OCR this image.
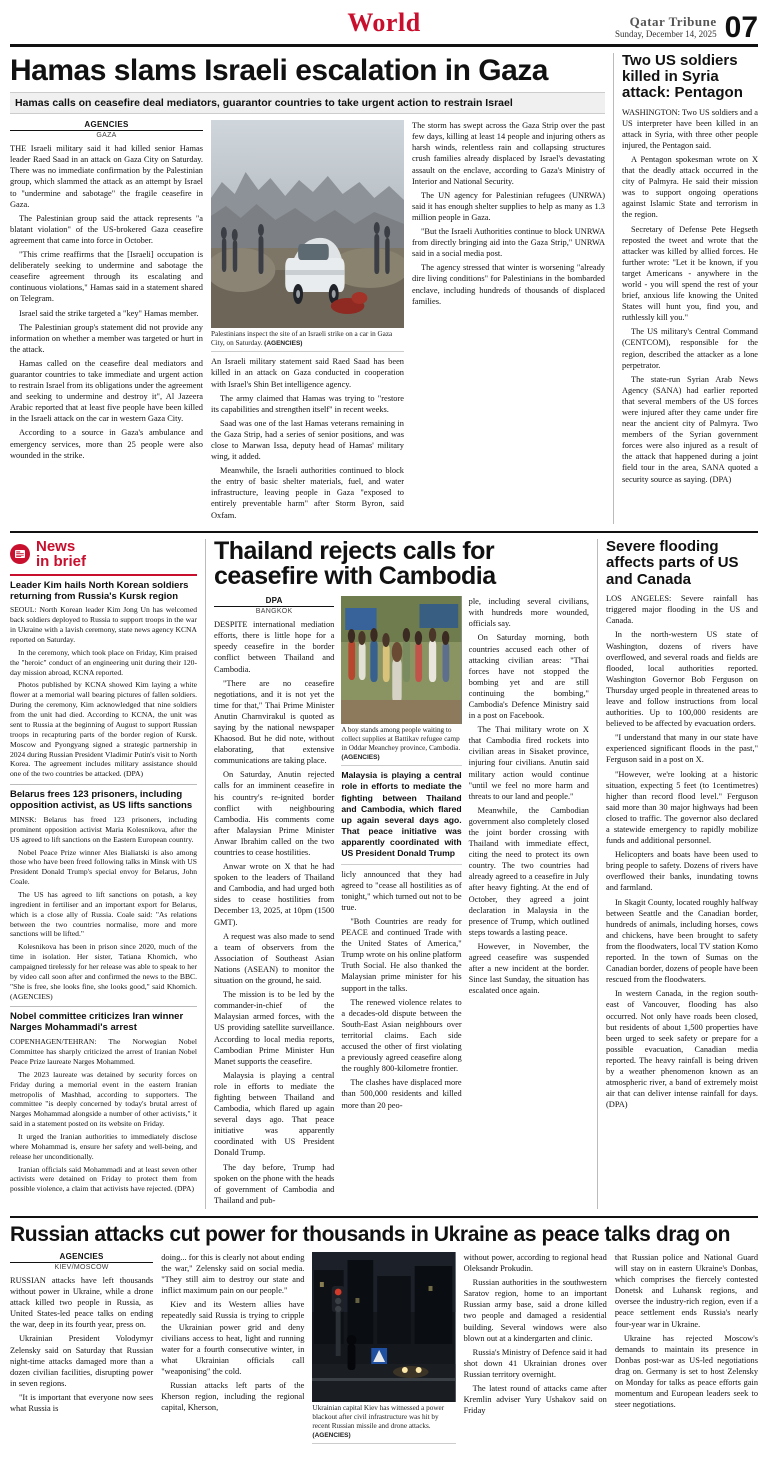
World	Qatar Tribune
Sunday, December 14, 2025 07
Hamas slams Israeli escalation in Gaza
Hamas calls on ceasefire deal mediators, guarantor countries to take urgent action to restrain Israel
AGENCIES
GAZA

THE Israeli military said it had killed senior Hamas leader Raed Saad in an attack on Gaza City on Saturday. There was no immediate confirmation by the Palestinian group, which slammed the attack as an attempt by Israel to "undermine and sabotage" the fragile ceasefire in Gaza.

The Palestinian group said the attack represents "a blatant violation" of the US-brokered Gaza ceasefire agreement that came into force in October.

"This crime reaffirms that the [Israeli] occupation is deliberately seeking to undermine and sabotage the ceasefire agreement through its escalating and continuous violations," Hamas said in a statement shared on Telegram.

Israel said the strike targeted a "key" Hamas member.

The Palestinian group's statement did not provide any information on whether a member was targeted or hurt in the attack.

Hamas called on the ceasefire deal mediators and guarantor countries to take immediate and urgent action to restrain Israel from its obligations under the agreement and seeking to undermine and destroy it", Al Jazeera Arabic reported that at least five people have been killed in the Israeli attack on the car in western Gaza City.

According to a source in Gaza's ambulance and emergency services, more than 25 people were also wounded in the strike.

Palestinians inspect the site of an Israeli strike on a car in Gaza City, on Saturday. (AGENCIES)

An Israeli military statement said Raed Saad has been killed in an attack on Gaza conducted in cooperation with Israel's Shin Bet intelligence agency.

The army claimed that Hamas was trying to "restore its capabilities and strengthen itself" in recent weeks.

Saad was one of the last Hamas veterans remaining in the Gaza Strip, had a series of senior positions, and was close to Marwan Issa, deputy head of Hamas' military wing, it added.

Meanwhile, the Israeli authorities continued to block the entry of basic shelter materials, fuel, and water infrastructure, leaving people in Gaza "exposed to entirely preventable harm" after Storm Byron, said Oxfam.

The storm has swept across the Gaza Strip over the past few days, killing at least 14 people and injuring others as harsh winds, relentless rain and collapsing structures crush families already displaced by Israel's devastating assault on the enclave, according to Gaza's Ministry of Interior and National Security.

The UN agency for Palestinian refugees (UNRWA) said it has enough shelter supplies to help as many as 1.3 million people in Gaza.

"But the Israeli Authorities continue to block UNRWA from directly bringing aid into the Gaza Strip," UNRWA said in a social media post.

The agency stressed that winter is worsening "already dire living conditions" for Palestinians in the bombarded enclave, including hundreds of thousands of displaced families.

Two US soldiers killed in Syria attack: Pentagon

WASHINGTON: Two US soldiers and a US interpreter have been killed in an attack in Syria, with three other people injured, the Pentagon said.

A Pentagon spokesman wrote on X that the deadly attack occurred in the city of Palmyra. He said their mission was to support ongoing operations against Islamic State and terrorism in the region.

Secretary of Defense Pete Hegseth reposted the tweet and wrote that the attacker was killed by allied forces. He further wrote: "Let it be known, if you target Americans - anywhere in the world - you will spend the rest of your brief, anxious life knowing the United States will hunt you, find you, and ruthlessly kill you."

The US military's Central Command (CENTCOM), responsible for the region, described the attacker as a lone perpetrator.

The state-run Syrian Arab News Agency (SANA) had earlier reported that several members of the US forces were injured after they came under fire near the ancient city of Palmyra. Two members of the Syrian government forces were also injured as a result of the attack that happened during a joint field tour in the area, SANA quoted a security source as saying. (DPA)

News
in brief
Leader Kim hails North Korean soldiers returning from Russia's Kursk region

SEOUL: North Korean leader Kim Jong Un has welcomed back soldiers deployed to Russia to support troops in the war in Ukraine with a lavish ceremony, state news agency KCNA reported on Saturday.

In the ceremony, which took place on Friday, Kim praised the "heroic" conduct of an engineering unit during their 120-day mission abroad, KCNA reported.

Photos published by KCNA showed Kim laying a white flower at a memorial wall bearing pictures of fallen soldiers. During the ceremony, Kim acknowledged that nine soldiers from the unit had died. According to KCNA, the unit was sent to Russia at the beginning of August to support Russian troops in recapturing parts of the border region of Kursk. Moscow and Pyongyang signed a strategic partnership in 2024 during Russian President Vladimir Putin's visit to North Korea. The agreement includes military assistance should one of the two countries be attacked. (DPA)

Belarus frees 123 prisoners, including opposition activist, as US lifts sanctions

MINSK: Belarus has freed 123 prisoners, including prominent opposition activist Maria Kolesnikova, after the US agreed to lift sanctions on the Eastern European country.

Nobel Peace Prize winner Ales Bialiatski is also among those who have been freed following talks in Minsk with US President Donald Trump's special envoy for Belarus, John Coale.

The US has agreed to lift sanctions on potash, a key ingredient in fertiliser and an important export for Belarus, which is a close ally of Russia. Coale said: "As relations between the two countries normalise, more and more sanctions will be lifted."

Kolesnikova has been in prison since 2020, much of the time in isolation. Her sister, Tatiana Khomich, who campaigned tirelessly for her release was able to speak to her by video call soon after and confirmed the news to the BBC. "She is free, she looks fine, she looks good," said Khomich. (AGENCIES)

Nobel committee criticizes Iran winner Narges Mohammadi's arrest

COPENHAGEN/TEHRAN: The Norwegian Nobel Committee has sharply criticized the arrest of Iranian Nobel Peace Prize laureate Narges Mohammed.

The 2023 laureate was detained by security forces on Friday during a memorial event in the eastern Iranian metropolis of Mashhad, according to supporters. The committee "is deeply concerned by today's brutal arrest of Narges Mohammad alongside a number of other activists," it said in a statement posted on its website on Friday.

It urged the Iranian authorities to immediately disclose where Mohammad is, ensure her safety and well-being, and release her unconditionally.

Iranian officials said Mohammadi and at least seven other activists were detained on Friday to protect them from possible violence, a claim that activists have rejected. (DPA)

Thailand rejects calls for ceasefire with Cambodia
DPA
BANGKOK

DESPITE international mediation efforts, there is little hope for a speedy ceasefire in the border conflict between Thailand and Cambodia.

"There are no ceasefire negotiations, and it is not yet the time for that," Thai Prime Minister Anutin Charnvirakul is quoted as saying by the national newspaper Khaosod. But he did note, without elaborating, that extensive communications are taking place.

On Saturday, Anutin rejected calls for an imminent ceasefire in his country's re-ignited border conflict with neighbouring Cambodia. His comments come after Malaysian Prime Minister Anwar Ibrahim called on the two countries to cease hostilities.

Anwar wrote on X that he had spoken to the leaders of Thailand and Cambodia, and had urged both sides to cease hostilities from December 13, 2025, at 10pm (1500 GMT).

A request was also made to send a team of observers from the Association of Southeast Asian Nations (ASEAN) to monitor the situation on the ground, he said.

The mission is to be led by the commander-in-chief of the Malaysian armed forces, with the US providing satellite surveillance. According to local media reports, Cambodian Prime Minister Hun Manet supports the ceasefire.

Malaysia is playing a central role in efforts to mediate the fighting between Thailand and Cambodia, which flared up again several days ago. That peace initiative was apparently coordinated with US President Donald Trump.

The day before, Trump had spoken on the phone with the heads of government of Cambodia and Thailand and pub-

A boy stands among people waiting to collect supplies at Battikav refugee camp in Oddar Meanchey province, Cambodia. (AGENCIES)
Malaysia is playing a central role in efforts to mediate the fighting between Thailand and Cambodia, which flared up again several days ago. That peace initiative was apparently coordinated with US President Donald Trump

licly announced that they had agreed to "cease all hostilities as of tonight," which turned out not to be true.

"Both Countries are ready for PEACE and continued Trade with the United States of America," Trump wrote on his online platform Truth Social. He also thanked the Malaysian prime minister for his support in the talks.

The renewed violence relates to a decades-old dispute between the South-East Asian neighbours over territorial claims. Each side accused the other of first violating a previously agreed ceasefire along the roughly 800-kilometre frontier.

The clashes have displaced more than 500,000 residents and killed more than 20 peo-

ple, including several civilians, with hundreds more wounded, officials say.

On Saturday morning, both countries accused each other of attacking civilian areas: "Thai forces have not stopped the bombing yet and are still continuing the bombing," Cambodia's Defence Ministry said in a post on Facebook.

The Thai military wrote on X that Cambodia fired rockets into civilian areas in Sisaket province, injuring four civilians. Anutin said military action would continue "until we feel no more harm and threats to our land and people."

Meanwhile, the Cambodian government also completely closed the joint border crossing with Thailand with immediate effect, citing the need to protect its own country. The two countries had already agreed to a ceasefire in July after heavy fighting. At the end of October, they agreed a joint declaration in Malaysia in the presence of Trump, which outlined steps towards a lasting peace.

However, in November, the agreed ceasefire was suspended after a new incident at the border. Since last Sunday, the situation has escalated once again.

Severe flooding affects parts of US and Canada

LOS ANGELES: Severe rainfall has triggered major flooding in the US and Canada.

In the north-western US state of Washington, dozens of rivers have overflowed, and several roads and fields are flooded, local authorities reported. Washington Governor Bob Ferguson on Thursday urged people in threatened areas to leave and follow instructions from local authorities. Up to 100,000 residents are believed to be affected by evacuation orders.

"I understand that many in our state have experienced significant floods in the past," Ferguson said in a post on X.

"However, we're looking at a historic situation, expecting 5 feet (to 1centimetres) higher than record flood level." Ferguson said more than 30 major highways had been closed to traffic. The governor also declared a statewide emergency to rapidly mobilize funds and additional personnel.

Helicopters and boats have been used to bring people to safety. Dozens of rivers have overflowed their banks, inundating towns and farmland.

In Skagit County, located roughly halfway between Seattle and the Canadian border, hundreds of animals, including horses, cows and chickens, have been brought to safety from the floodwaters, local TV station Komo reported. In the town of Sumas on the Canadian border, dozens of people have been rescued from the floodwaters.

In western Canada, in the region south-east of Vancouver, flooding has also occurred. Not only have roads been closed, but residents of about 1,500 properties have been urged to seek safety or prepare for a possible evacuation, Canadian media reported. The heavy rainfall is being driven by a weather phenomenon known as an atmospheric river, a band of extremely moist air that can deliver intense rainfall for days. (DPA)

Russian attacks cut power for thousands in Ukraine as peace talks drag on
AGENCIES
KIEV/MOSCOW

RUSSIAN attacks have left thousands without power in Ukraine, while a drone attack killed two people in Russia, as United States-led peace talks on ending the war, deep in its fourth year, press on.

Ukrainian President Volodymyr Zelensky said on Saturday that Russian night-time attacks damaged more than a dozen civilian facilities, disrupting power in seven regions.

"It is important that everyone now sees what Russia is

doing... for this is clearly not about ending the war," Zelensky said on social media. "They still aim to destroy our state and inflict maximum pain on our people."

Kiev and its Western allies have repeatedly said Russia is trying to cripple the Ukrainian power grid and deny civilians access to heat, light and running water for a fourth consecutive winter, in what Ukrainian officials call "weaponising" the cold.

Russian attacks left parts of the Kherson region, including the regional capital, Kherson,	Ukrainian capital Kiev has witnessed a power blackout after civil infrastructure was hit by recent Russian missile and drone attacks. (AGENCIES)

without power, according to regional head Oleksandr Prokudin.

Russian authorities in the southwestern Saratov region, home to an important Russian army base, said a drone killed two people and damaged a residential building. Several windows were also blown out at a kindergarten and clinic.

Russia's Ministry of Defence said it had shot down 41 Ukrainian drones over Russian territory overnight.

The latest round of attacks came after Kremlin adviser Yury Ushakov said on Friday

that Russian police and National Guard will stay on in eastern Ukraine's Donbas, which comprises the fiercely contested Donetsk and Luhansk regions, and oversee the industry-rich region, even if a peace settlement ends Russia's nearly four-year war in Ukraine.

Ukraine has rejected Moscow's demands to maintain its presence in Donbas post-war as US-led negotiations drag on. Germany is set to host Zelensky on Monday for talks as peace efforts gain momentum and European leaders seek to steer negotiations.
